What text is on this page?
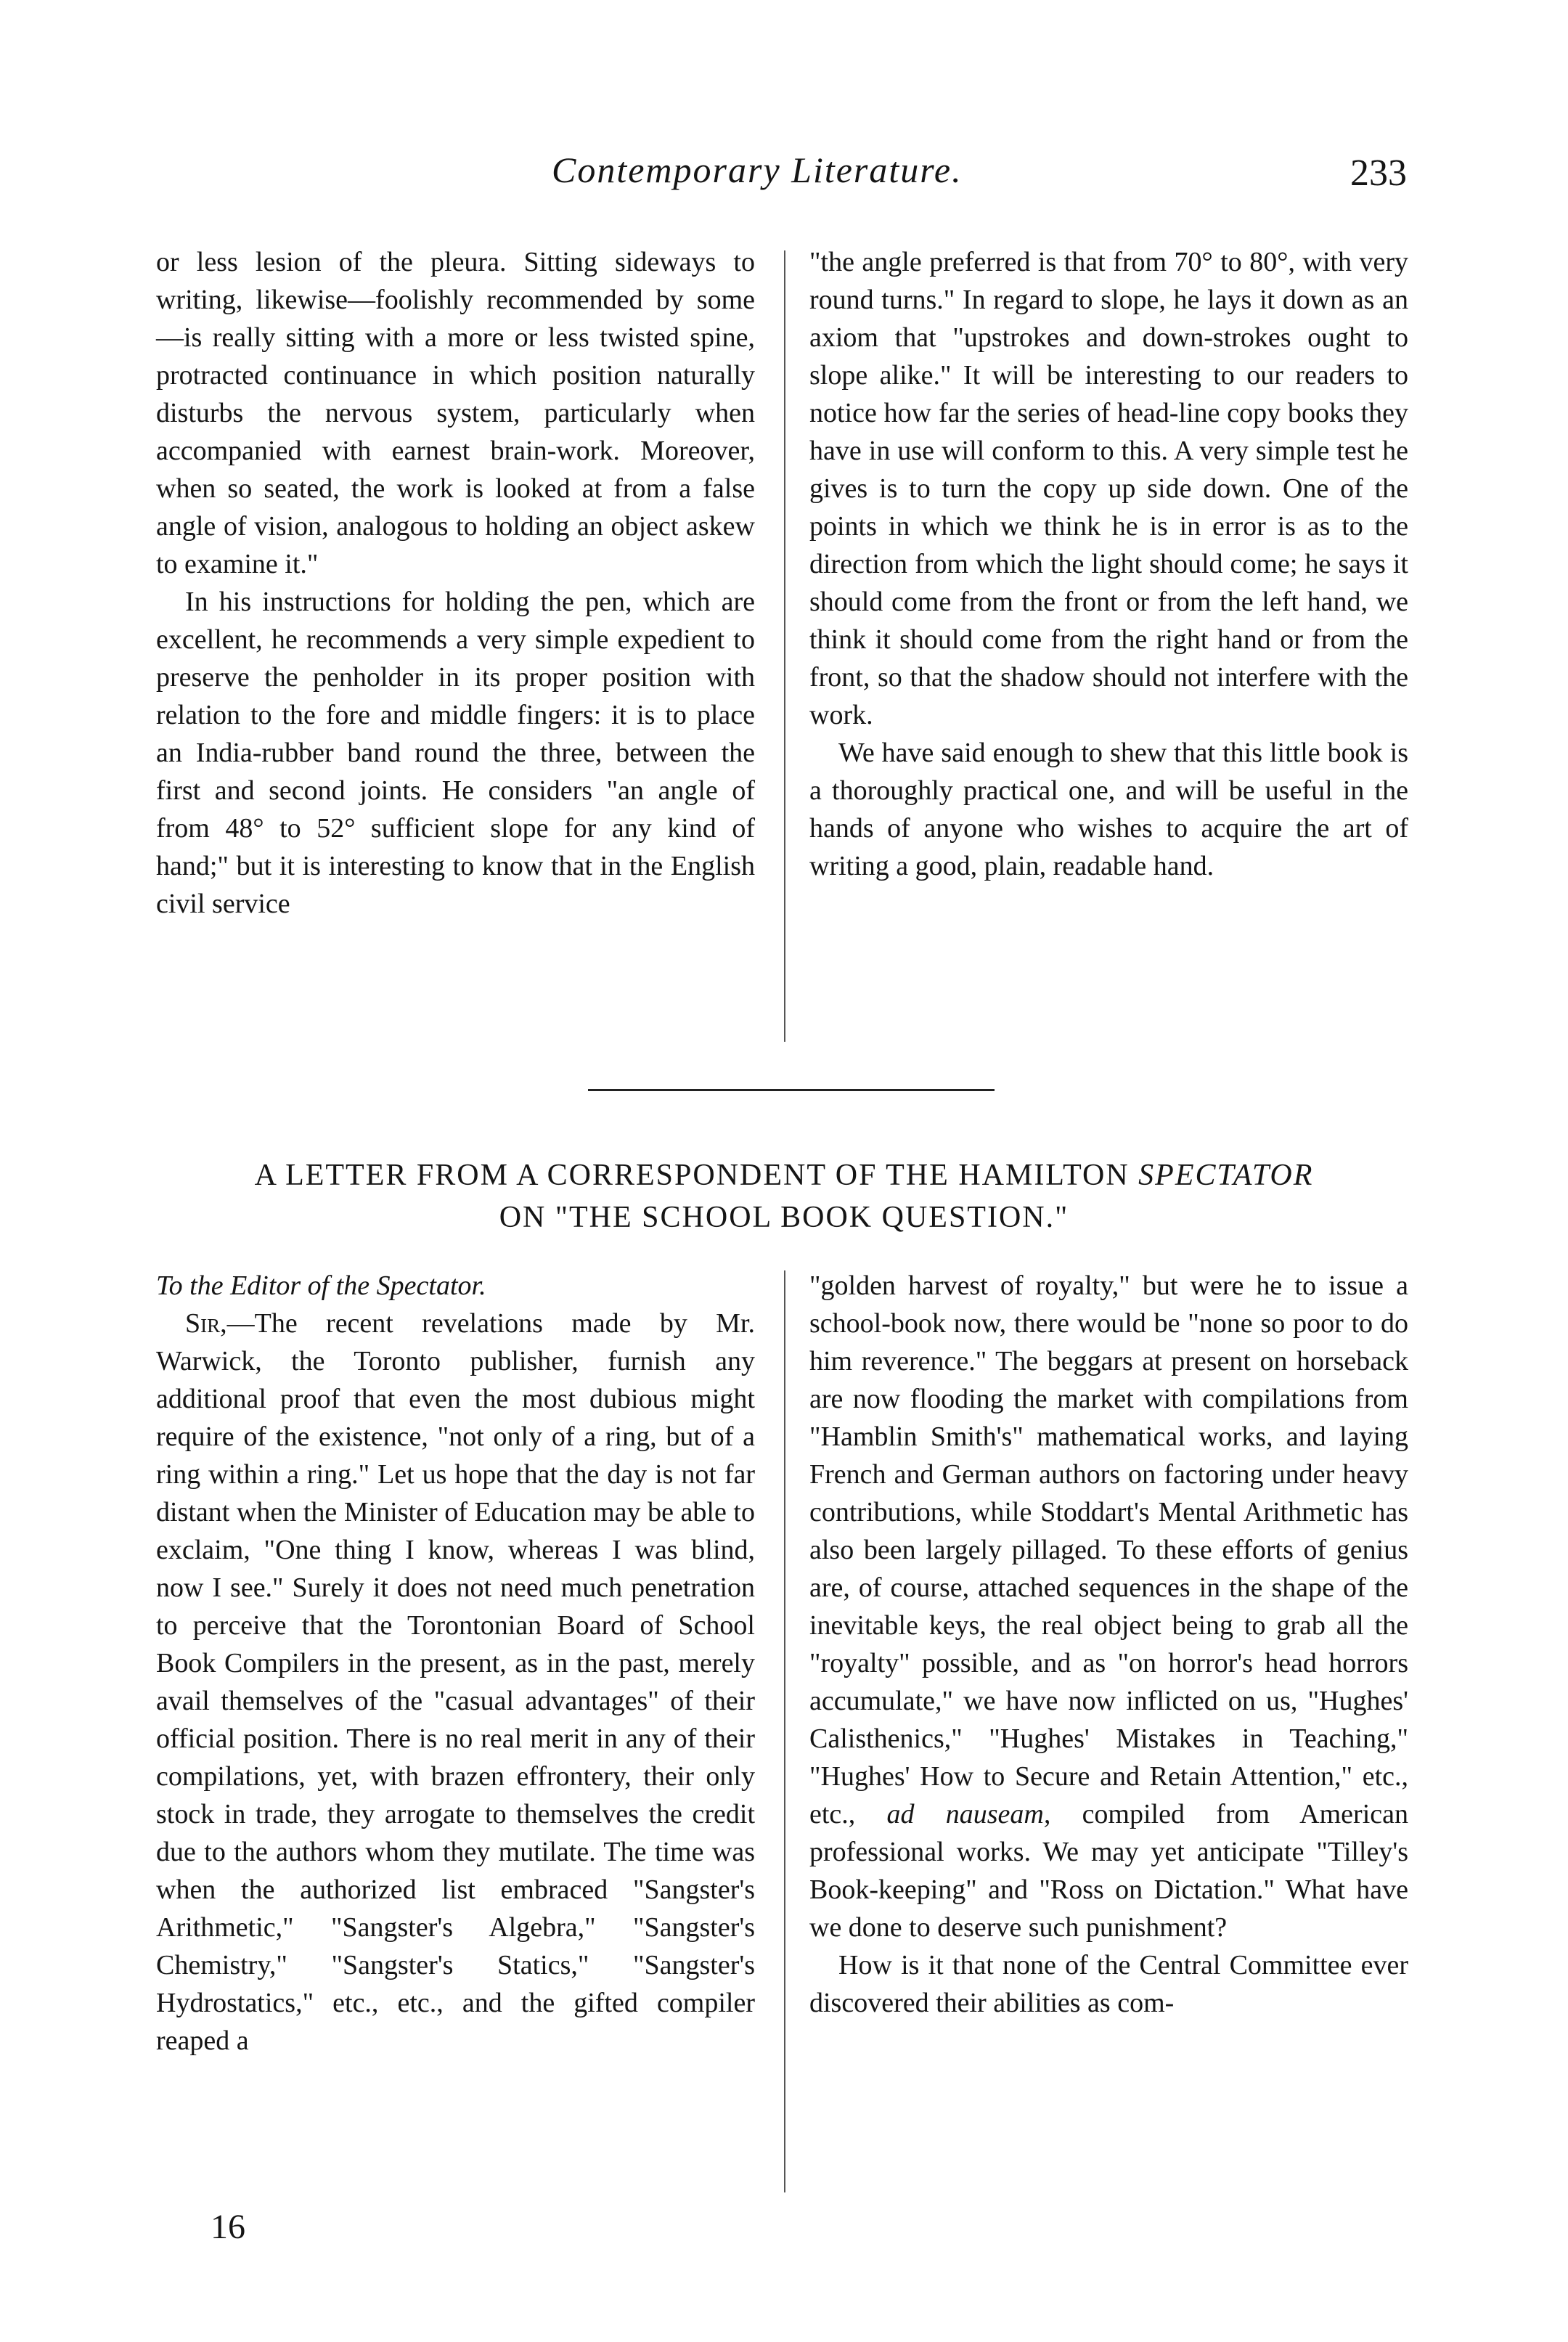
Contemporary Literature.	233

or less lesion of the pleura. Sitting sideways to writing, likewise—foolishly recommended by some—is really sitting with a more or less twisted spine, protracted continuance in which position naturally disturbs the nervous system, particularly when accompanied with earnest brain-work. Moreover, when so seated, the work is looked at from a false angle of vision, analogous to holding an object askew to examine it."

In his instructions for holding the pen, which are excellent, he recommends a very simple expedient to preserve the penholder in its proper position with relation to the fore and middle fingers: it is to place an India-rubber band round the three, between the first and second joints. He considers "an angle of from 48° to 52° sufficient slope for any kind of hand;" but it is interesting to know that in the English civil service

"the angle preferred is that from 70° to 80°, with very round turns." In regard to slope, he lays it down as an axiom that "upstrokes and down-strokes ought to slope alike." It will be interesting to our readers to notice how far the series of head-line copy books they have in use will conform to this. A very simple test he gives is to turn the copy up side down. One of the points in which we think he is in error is as to the direction from which the light should come; he says it should come from the front or from the left hand, we think it should come from the right hand or from the front, so that the shadow should not interfere with the work.

We have said enough to shew that this little book is a thoroughly practical one, and will be useful in the hands of anyone who wishes to acquire the art of writing a good, plain, readable hand.

A LETTER FROM A CORRESPONDENT OF THE HAMILTON SPECTATOR
ON "THE SCHOOL BOOK QUESTION."

To the Editor of the Spectator.

Sir,—The recent revelations made by Mr. Warwick, the Toronto publisher, furnish any additional proof that even the most dubious might require of the existence, "not only of a ring, but of a ring within a ring." Let us hope that the day is not far distant when the Minister of Education may be able to exclaim, "One thing I know, whereas I was blind, now I see." Surely it does not need much penetration to perceive that the Torontonian Board of School Book Compilers in the present, as in the past, merely avail themselves of the "casual advantages" of their official position. There is no real merit in any of their compilations, yet, with brazen effrontery, their only stock in trade, they arrogate to themselves the credit due to the authors whom they mutilate. The time was when the authorized list embraced "Sangster's Arithmetic," "Sangster's Algebra," "Sangster's Chemistry," "Sangster's Statics," "Sangster's Hydrostatics," etc., etc., and the gifted compiler reaped a

"golden harvest of royalty," but were he to issue a school-book now, there would be "none so poor to do him reverence." The beggars at present on horseback are now flooding the market with compilations from "Hamblin Smith's" mathematical works, and laying French and German authors on factoring under heavy contributions, while Stoddart's Mental Arithmetic has also been largely pillaged. To these efforts of genius are, of course, attached sequences in the shape of the inevitable keys, the real object being to grab all the "royalty" possible, and as "on horror's head horrors accumulate," we have now inflicted on us, "Hughes' Calisthenics," "Hughes' Mistakes in Teaching," "Hughes' How to Secure and Retain Attention," etc., etc., ad nauseam, compiled from American professional works. We may yet anticipate "Tilley's Book-keeping" and "Ross on Dictation." What have we done to deserve such punishment?

How is it that none of the Central Committee ever discovered their abilities as com-

16
